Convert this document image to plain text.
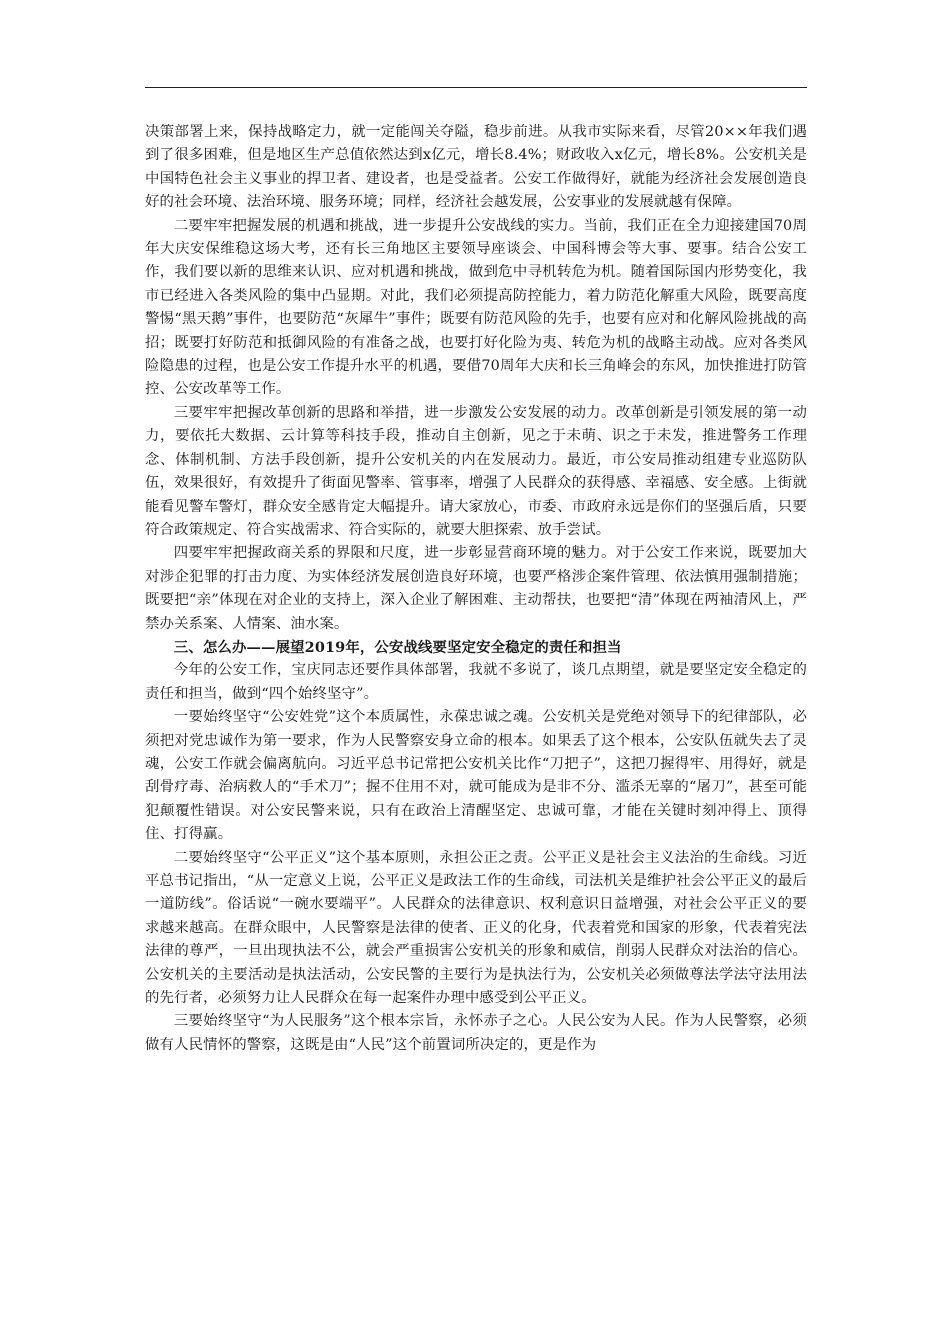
决策部署上来，保持战略定力，就一定能闯关夺隘，稳步前进。从我市实际来看，尽管20××年我们遇到了很多困难，但是地区生产总值依然达到x亿元，增长8.4%；财政收入x亿元，增长8%。公安机关是中国特色社会主义事业的捍卫者、建设者，也是受益者。公安工作做得好，就能为经济社会发展创造良好的社会环境、法治环境、服务环境；同样，经济社会越发展，公安事业的发展就越有保障。

二要牢牢把握发展的机遇和挑战，进一步提升公安战线的实力。当前，我们正在全力迎接建国70周年大庆安保维稳这场大考，还有长三角地区主要领导座谈会、中国科博会等大事、要事。结合公安工作，我们要以新的思维来认识、应对机遇和挑战，做到危中寻机转危为机。随着国际国内形势变化，我市已经进入各类风险的集中凸显期。对此，我们必须提高防控能力，着力防范化解重大风险，既要高度警惕“黑天鹅”事件，也要防范“灰犀牛”事件；既要有防范风险的先手，也要有应对和化解风险挑战的高招；既要打好防范和抵御风险的有准备之战，也要打好化险为夷、转危为机的战略主动战。应对各类风险隐患的过程，也是公安工作提升水平的机遇，要借70周年大庆和长三角峰会的东风，加快推进打防管控、公安改革等工作。

三要牢牢把握改革创新的思路和举措，进一步激发公安发展的动力。改革创新是引领发展的第一动力，要依托大数据、云计算等科技手段，推动自主创新，见之于未萌、识之于未发，推进警务工作理念、体制机制、方法手段创新，提升公安机关的内在发展动力。最近，市公安局推动组建专业巡防队伍，效果很好，有效提升了街面见警率、管事率，增强了人民群众的获得感、幸福感、安全感。上街就能看见警车警灯，群众安全感肯定大幅提升。请大家放心，市委、市政府永远是你们的坚强后盾，只要符合政策规定、符合实战需求、符合实际的，就要大胆探索、放手尝试。

四要牢牢把握政商关系的界限和尺度，进一步彰显营商环境的魅力。对于公安工作来说，既要加大对涉企犯罪的打击力度、为实体经济发展创造良好环境，也要严格涉企案件管理、依法慎用强制措施；既要把“亲”体现在对企业的支持上，深入企业了解困难、主动帮扶，也要把“清”体现在两袖清风上，严禁办关系案、人情案、油水案。

三、怎么办——展望2019年，公安战线要坚定安全稳定的责任和担当

今年的公安工作，宝庆同志还要作具体部署，我就不多说了，谈几点期望，就是要坚定安全稳定的责任和担当，做到“四个始终坚守”。

一要始终坚守“公安姓党”这个本质属性，永葆忠诚之魂。公安机关是党绝对领导下的纪律部队，必须把对党忠诚作为第一要求，作为人民警察安身立命的根本。如果丢了这个根本，公安队伍就失去了灵魂，公安工作就会偏离航向。习近平总书记常把公安机关比作“刀把子”，这把刀握得牢、用得好，就是刮骨疗毒、治病救人的“手术刀”；握不住用不对，就可能成为是非不分、滥杀无辜的“屠刀”，甚至可能犯颠覆性错误。对公安民警来说，只有在政治上清醒坚定、忠诚可靠，才能在关键时刻冲得上、顶得住、打得赢。

二要始终坚守“公平正义”这个基本原则，永担公正之责。公平正义是社会主义法治的生命线。习近平总书记指出，“从一定意义上说，公平正义是政法工作的生命线，司法机关是维护社会公平正义的最后一道防线”。俗话说“一碗水要端平”。人民群众的法律意识、权利意识日益增强，对社会公平正义的要求越来越高。在群众眼中，人民警察是法律的使者、正义的化身，代表着党和国家的形象，代表着宪法法律的尊严，一旦出现执法不公，就会严重损害公安机关的形象和威信，削弱人民群众对法治的信心。公安机关的主要活动是执法活动，公安民警的主要行为是执法行为，公安机关必须做尊法学法守法用法的先行者，必须努力让人民群众在每一起案件办理中感受到公平正义。

三要始终坚守“为人民服务”这个根本宗旨，永怀赤子之心。人民公安为人民。作为人民警察，必须做有人民情怀的警察，这既是由“人民”这个前置词所决定的，更是作为
